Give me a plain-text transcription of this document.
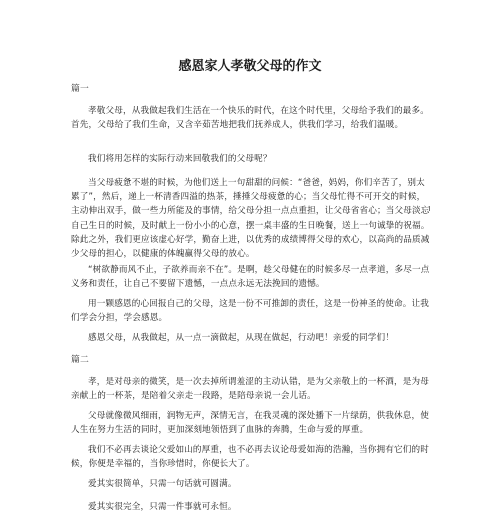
感恩家人孝敬父母的作文
篇一
孝敬父母，从我做起我们生活在一个快乐的时代，在这个时代里，父母给予我们的最多。首先，父母给了我们生命，又含辛茹苦地把我们抚养成人，供我们学习，给我们温暖。
我们将用怎样的实际行动来回敬我们的父母呢？
当父母疲惫不堪的时候，为他们送上一句甜甜的问候：“爸爸，妈妈，你们辛苦了，别太累了”，然后，递上一杯清香四溢的热茶，捶捶父母疲惫的心；当父母忙得不可开交的时候，主动伸出双手，做一些力所能及的事情，给父母分担一点点重担，让父母省省心；当父母淡忘自己生日的时候，及时献上一份小小的心意，摆一桌丰盛的生日晚餐，送上一句诚挚的祝福。除此之外，我们更应该虚心好学，勤奋上进，以优秀的成绩博得父母的欢心，以高尚的品质减少父母的担心，以健康的体魄赢得父母的放心。
“树欲静而风不止，子欲养而亲不在”。是啊，趁父母健在的时候多尽一点孝道，多尽一点义务和责任，让自己不要留下遗憾，一点点永远无法挽回的遗憾。
用一颗感恩的心回报自己的父母，这是一份不可推卸的责任，这是一份神圣的使命。让我们学会分担，学会感恩。
感恩父母，从我做起，从一点一滴做起，从现在做起，行动吧！亲爱的同学们！
篇二
孝，是对母亲的微笑，是一次去掉所谓羞涩的主动认错，是为父亲敬上的一杯酒，是为母亲献上的一杯茶，是陪着父亲走一段路，是陪母亲说一会儿话。
父母就像微风细雨，润物无声，深情无言，在我灵魂的深处播下一片绿荫，供我休息，使人生在努力生活的同时，更加深刻地领悟到了血脉的奔腾，生命与爱的厚重。
我们不必再去谈论父爱如山的厚重，也不必再去议论母爱如海的浩瀚，当你拥有它们的时候，你便是幸福的，当你珍惜时，你便长大了。
爱其实很简单，只需一句话就可圆满。
爱其实很完全，只需一件事就可永恒。
